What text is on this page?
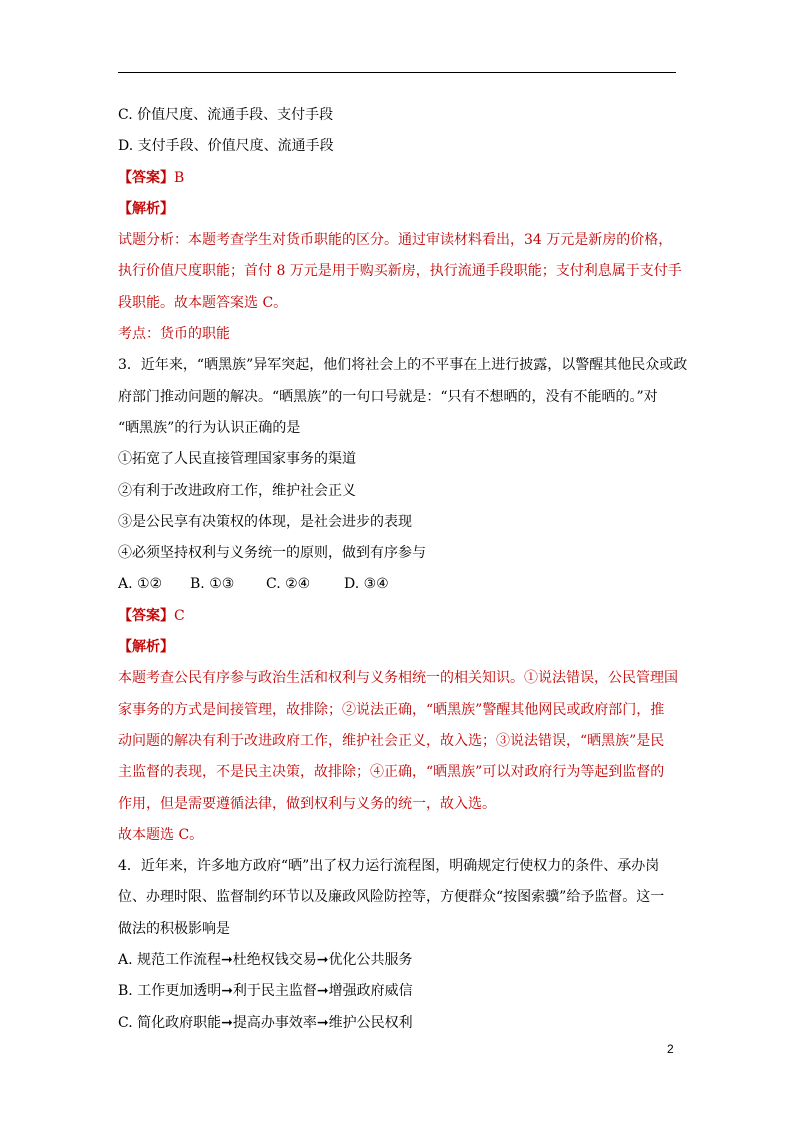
C. 价值尺度、流通手段、支付手段
D. 支付手段、价值尺度、流通手段
【答案】B
【解析】
试题分析：本题考查学生对货币职能的区分。通过审读材料看出，34 万元是新房的价格，
执行价值尺度职能；首付 8 万元是用于购买新房，执行流通手段职能；支付利息属于支付手
段职能。故本题答案选 C。
考点：货币的职能
3．近年来，“晒黑族”异军突起，他们将社会上的不平事在上进行披露，以警醒其他民众或政
府部门推动问题的解决。“晒黑族”的一句口号就是：“只有不想晒的，没有不能晒的。”对
“晒黑族”的行为认识正确的是
①拓宽了人民直接管理国家事务的渠道
②有利于改进政府工作，维护社会正义
③是公民享有决策权的体现，是社会进步的表现
④必须坚持权利与义务统一的原则，做到有序参与
A. ①② B. ①③ C. ②④ D. ③④
【答案】C
【解析】
本题考查公民有序参与政治生活和权利与义务相统一的相关知识。①说法错误，公民管理国
家事务的方式是间接管理，故排除；②说法正确，“晒黑族”警醒其他网民或政府部门，推
动问题的解决有利于改进政府工作，维护社会正义，故入选；③说法错误，“晒黑族”是民
主监督的表现，不是民主决策，故排除；④正确，“晒黑族”可以对政府行为等起到监督的
作用，但是需要遵循法律，做到权利与义务的统一，故入选。
故本题选 C。
4．近年来，许多地方政府“晒”出了权力运行流程图，明确规定行使权力的条件、承办岗
位、办理时限、监督制约环节以及廉政风险防控等，方便群众“按图索骥”给予监督。这一
做法的积极影响是
A. 规范工作流程➞杜绝权钱交易➞优化公共服务
B. 工作更加透明➞利于民主监督➞增强政府威信
C. 简化政府职能➞提高办事效率➞维护公民权利
2
